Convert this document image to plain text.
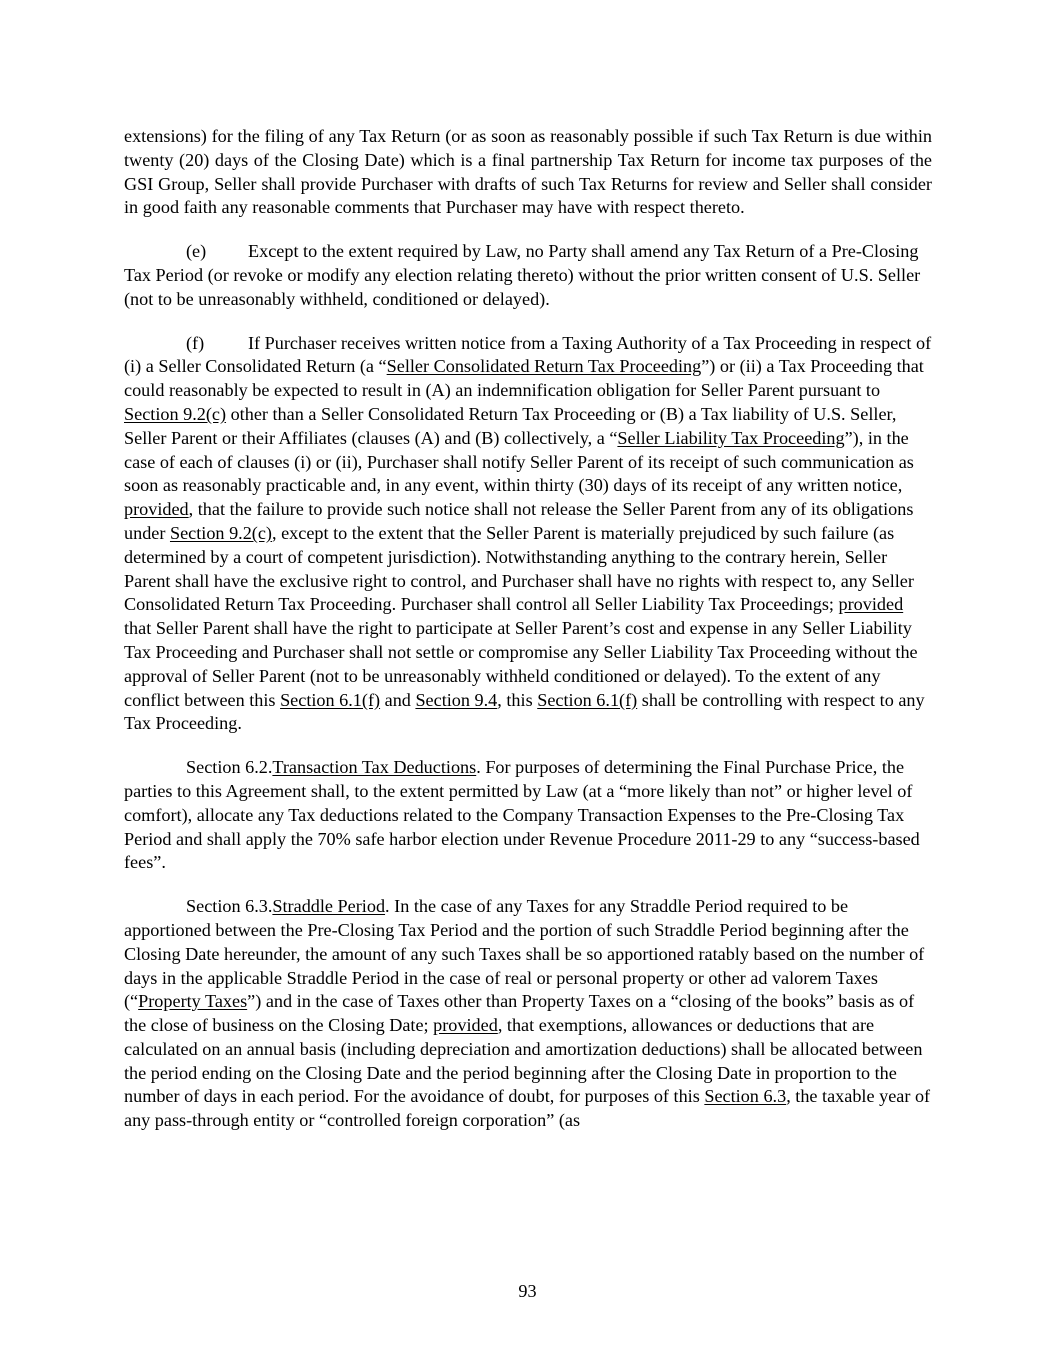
extensions) for the filing of any Tax Return (or as soon as reasonably possible if such Tax Return is due within twenty (20) days of the Closing Date) which is a final partnership Tax Return for income tax purposes of the GSI Group, Seller shall provide Purchaser with drafts of such Tax Returns for review and Seller shall consider in good faith any reasonable comments that Purchaser may have with respect thereto.

(e) Except to the extent required by Law, no Party shall amend any Tax Return of a Pre-Closing Tax Period (or revoke or modify any election relating thereto) without the prior written consent of U.S. Seller (not to be unreasonably withheld, conditioned or delayed).

(f) If Purchaser receives written notice from a Taxing Authority of a Tax Proceeding in respect of (i) a Seller Consolidated Return (a “Seller Consolidated Return Tax Proceeding”) or (ii) a Tax Proceeding that could reasonably be expected to result in (A) an indemnification obligation for Seller Parent pursuant to Section 9.2(c) other than a Seller Consolidated Return Tax Proceeding or (B) a Tax liability of U.S. Seller, Seller Parent or their Affiliates (clauses (A) and (B) collectively, a “Seller Liability Tax Proceeding”), in the case of each of clauses (i) or (ii), Purchaser shall notify Seller Parent of its receipt of such communication as soon as reasonably practicable and, in any event, within thirty (30) days of its receipt of any written notice, provided, that the failure to provide such notice shall not release the Seller Parent from any of its obligations under Section 9.2(c), except to the extent that the Seller Parent is materially prejudiced by such failure (as determined by a court of competent jurisdiction). Notwithstanding anything to the contrary herein, Seller Parent shall have the exclusive right to control, and Purchaser shall have no rights with respect to, any Seller Consolidated Return Tax Proceeding. Purchaser shall control all Seller Liability Tax Proceedings; provided that Seller Parent shall have the right to participate at Seller Parent’s cost and expense in any Seller Liability Tax Proceeding and Purchaser shall not settle or compromise any Seller Liability Tax Proceeding without the approval of Seller Parent (not to be unreasonably withheld conditioned or delayed). To the extent of any conflict between this Section 6.1(f) and Section 9.4, this Section 6.1(f) shall be controlling with respect to any Tax Proceeding.

Section 6.2.Transaction Tax Deductions. For purposes of determining the Final Purchase Price, the parties to this Agreement shall, to the extent permitted by Law (at a “more likely than not” or higher level of comfort), allocate any Tax deductions related to the Company Transaction Expenses to the Pre-Closing Tax Period and shall apply the 70% safe harbor election under Revenue Procedure 2011-29 to any “success-based fees”.

Section 6.3.Straddle Period. In the case of any Taxes for any Straddle Period required to be apportioned between the Pre-Closing Tax Period and the portion of such Straddle Period beginning after the Closing Date hereunder, the amount of any such Taxes shall be so apportioned ratably based on the number of days in the applicable Straddle Period in the case of real or personal property or other ad valorem Taxes (“Property Taxes”) and in the case of Taxes other than Property Taxes on a “closing of the books” basis as of the close of business on the Closing Date; provided, that exemptions, allowances or deductions that are calculated on an annual basis (including depreciation and amortization deductions) shall be allocated between the period ending on the Closing Date and the period beginning after the Closing Date in proportion to the number of days in each period. For the avoidance of doubt, for purposes of this Section 6.3, the taxable year of any pass-through entity or “controlled foreign corporation” (as

93
